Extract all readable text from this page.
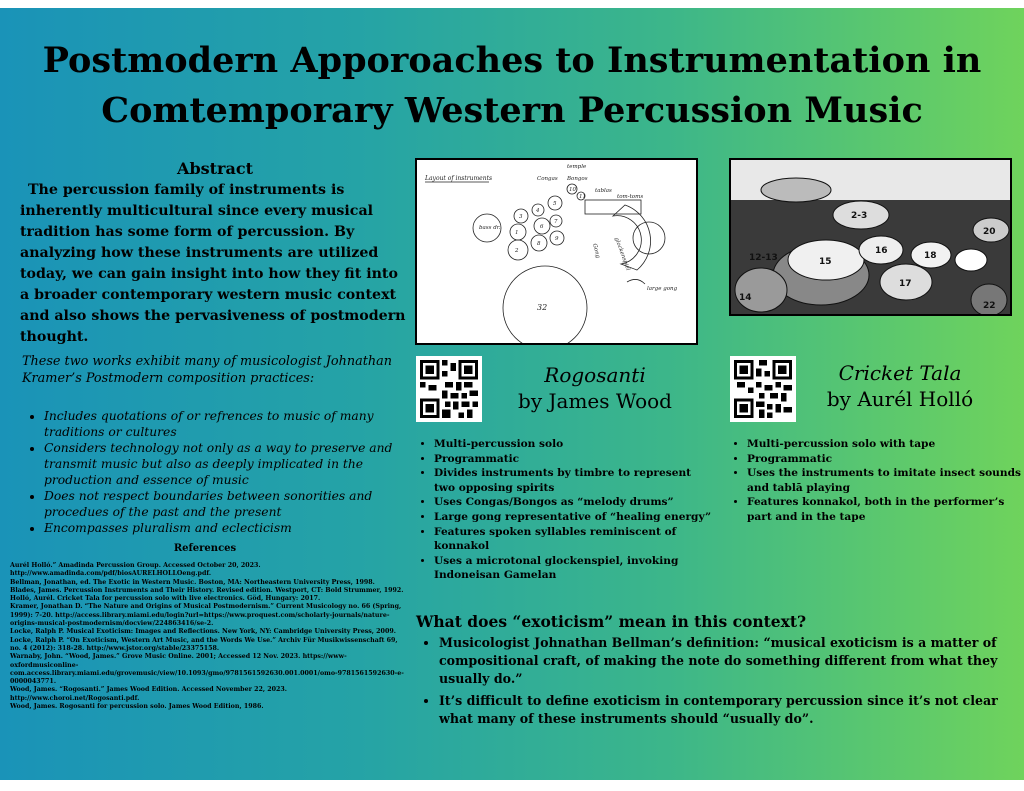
Postmodern Apporoaches to Instrumentation in Comtemporary Western Percussion Music
Abstract

The percussion family of instruments is inherently multicultural since every musical tradition has some form of percussion. By analyzing how these instruments are utilized today, we can gain insight into how they fit into a broader contemporary western music context and also shows the pervasiveness of postmodern thought.

These two works exhibit many of musicologist Johnathan Kramer’s Postmodern composition practices:

• Includes quotations of or refrences to music of many traditions or cultures
• Considers technology not only as a way to preserve and transmit music but also as deeply implicated in the production and essence of music
• Does not respect boundaries between sonorities and procedues of the past and the present
• Encompasses pluralism and eclecticism
References
Aurél Holló.” Amadinda Percussion Group. Accessed October 20, 2023. http://www.amadinda.com/pdf/biosAURELHOLLOeng.pdf.
Bellman, Jonathan, ed. The Exotic in Western Music. Boston, MA: Northeastern University Press, 1998.
Blades, James. Percussion Instruments and Their History. Revised edition. Westport, CT: Bold Strummer, 1992.
Holló, Aurél. Cricket Tala for percussion solo with live electronics. Göd, Hungary: 2017.
Kramer, Jonathan D. “The Nature and Origins of Musical Postmodernism.” Current Musicology no. 66 (Spring, 1999): 7-20. http://access.library.miami.edu/login?url=https://www.proquest.com/scholarly-journals/nature-origins-musical-postmodernism/docview/224863416/se-2.
Locke, Ralph P. Musical Exoticism: Images and Reflections. New York, NY: Cambridge University Press, 2009.
Locke, Ralph P. “On Exoticism, Western Art Music, and the Words We Use.” Archiv Für Musikwissenschaft 69, no. 4 (2012): 318-28. http://www.jstor.org/stable/23375158.
Warnaby, John. “Wood, James.” Grove Music Online. 2001; Accessed 12 Nov. 2023. https://www-oxfordmusiconline-com.access.library.miami.edu/grovemusic/view/10.1093/gmo/9781561592630.001.0001/omo-9781561592630-e-0000043771.
Wood, James. “Rogosanti.” James Wood Edition. Accessed November 22, 2023. http://www.choroi.net/Rogosanti.pdf.
Wood, James. Rogosanti for percussion solo. James Wood Edition, 1986.
Layout of instruments
bass dr.
1
2
3
4
5
6
7
8
9
10
11
temple
Congas Bongos
tablas
tom-toms
glockenspiel
Gong
32
large gong
2-3
12-13	15
16
17
18
20
14
22

Rogosanti

by James Wood

Cricket Tala

by Aurél Holló

• Multi-percussion solo
• Programmatic
• Divides instruments by timbre to represent two opposing spirits
• Uses Congas/Bongos as “melody drums”
• Large gong representative of “healing energy”
• Features spoken syllables reminiscent of konnakol
• Uses a microtonal glockenspiel, invoking Indoneisan Gamelan
• Multi-percussion solo with tape
• Programmatic
• Uses the instruments to imitate insect sounds and tablā playing
• Features konnakol, both in the performer’s part and in the tape
What does “exoticism” mean in this context?
• Musicologist Johnathan Bellman’s definition: “musical exoticism is a matter of compositional craft, of making the note do something different from what they usually do.”
• It’s difficult to define exoticism in contemporary percussion since it’s not clear what many of these instruments should “usually do”.
